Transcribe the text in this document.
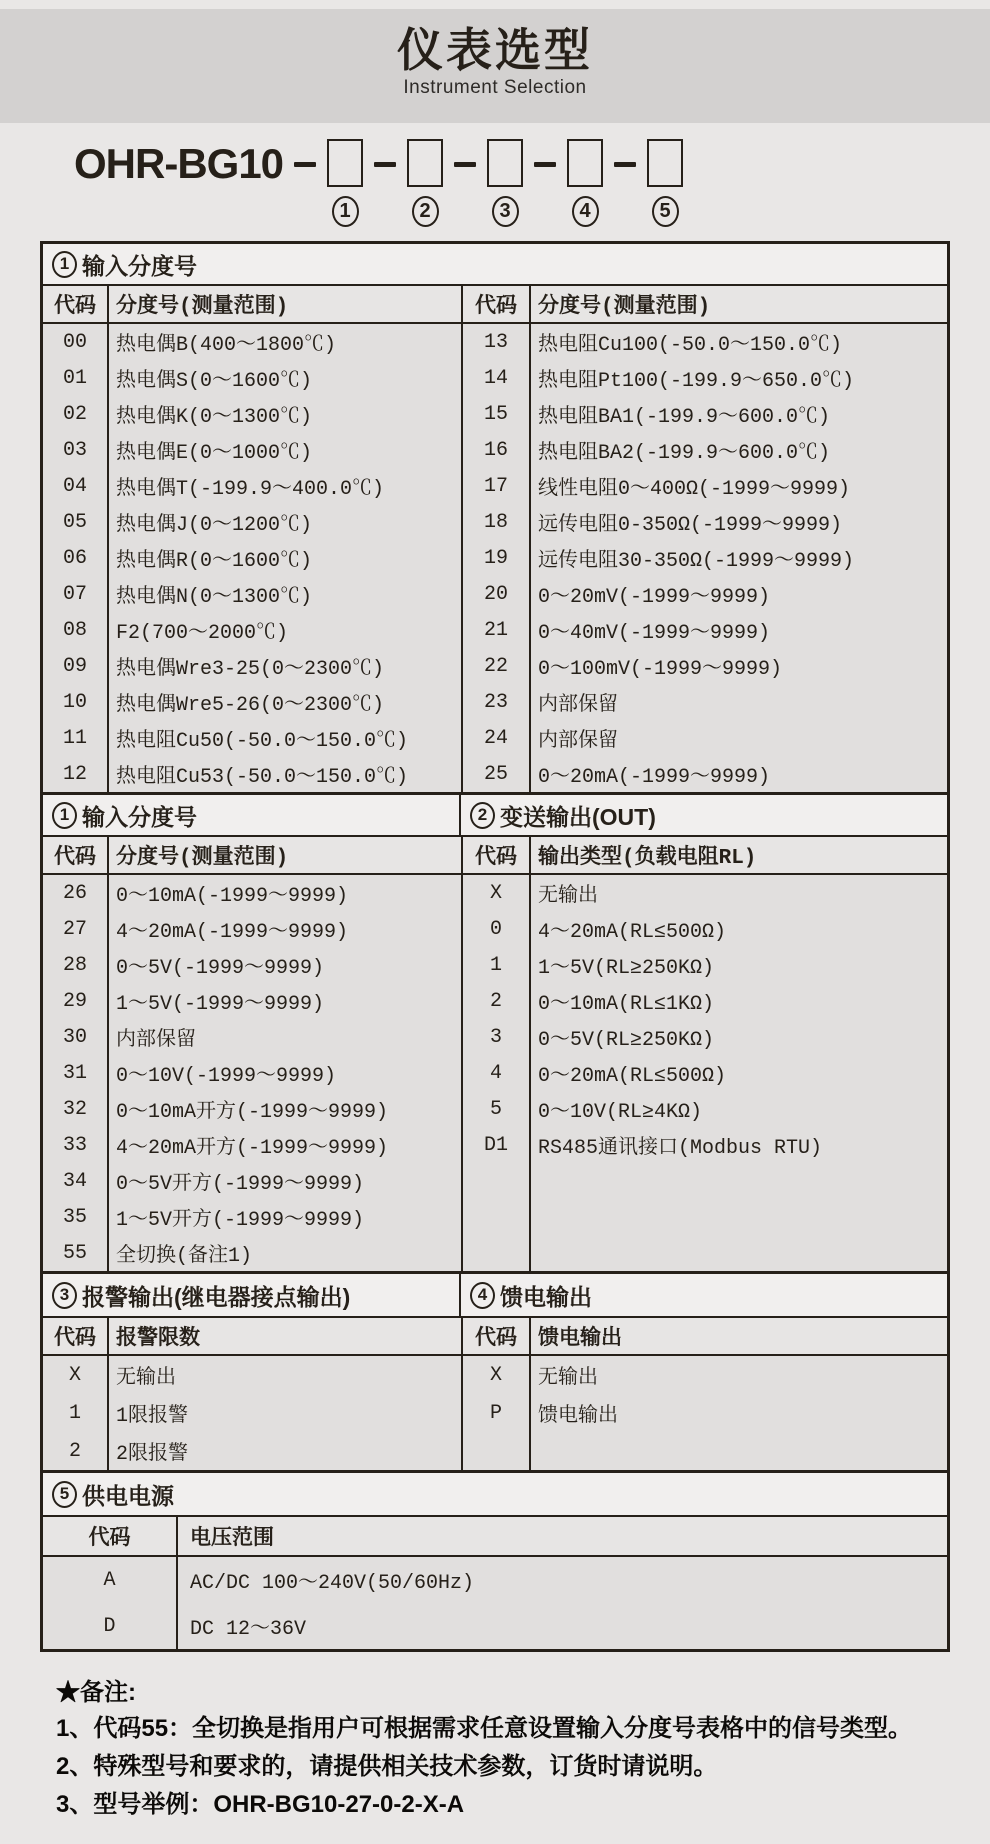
仪表选型
Instrument Selection
OHR-BG10
1	2	3	4	5
1 输入分度号
代码 分度号(测量范围)
00	热电偶B(400～1800℃)
01	热电偶S(0～1600℃)
02	热电偶K(0～1300℃)
03	热电偶E(0～1000℃)
04	热电偶T(-199.9～400.0℃)
05	热电偶J(0～1200℃)
06	热电偶R(0～1600℃)
07	热电偶N(0～1300℃)
08	F2(700～2000℃)
09	热电偶Wre3-25(0～2300℃)
10	热电偶Wre5-26(0～2300℃)
11	热电阻Cu50(-50.0～150.0℃)
12	热电阻Cu53(-50.0～150.0℃)
代码	分度号(测量范围)
13	热电阻Cu100(-50.0～150.0℃)
14	热电阻Pt100(-199.9～650.0℃)
15	热电阻BA1(-199.9～600.0℃)
16	热电阻BA2(-199.9～600.0℃)
17	线性电阻0～400Ω(-1999～9999)
18	远传电阻0-350Ω(-1999～9999)
19	远传电阻30-350Ω(-1999～9999)
20	0～20mV(-1999～9999)
21	0～40mV(-1999～9999)
22	0～100mV(-1999～9999)
23	内部保留
24	内部保留
25	0～20mA(-1999～9999)
1 输入分度号	2 变送输出(OUT)
代码 分度号(测量范围)
26	0～10mA(-1999～9999)
27	4～20mA(-1999～9999)
28	0～5V(-1999～9999)
29	1～5V(-1999～9999)
30	内部保留
31	0～10V(-1999～9999)
32	0～10mA开方(-1999～9999)
33	4～20mA开方(-1999～9999)
34	0～5V开方(-1999～9999)
35	1～5V开方(-1999～9999)
55	全切换(备注1)
代码	输出类型(负载电阻RL)
X	无输出
0	4～20mA(RL≤500Ω)
1	1～5V(RL≥250KΩ)
2	0～10mA(RL≤1KΩ)
3	0～5V(RL≥250KΩ)
4	0～20mA(RL≤500Ω)
5	0～10V(RL≥4KΩ)
D1	RS485通讯接口(Modbus RTU)
3 报警输出(继电器接点输出)	4 馈电输出
代码 报警限数
X	无输出
1	1限报警
2	2限报警
代码	馈电输出
X	无输出
P	馈电输出
5 供电电源
代码	电压范围
A	AC/DC 100～240V(50/60Hz)
D	DC 12～36V
★备注:
1、代码55：全切换是指用户可根据需求任意设置输入分度号表格中的信号类型。
2、特殊型号和要求的，请提供相关技术参数，订货时请说明。
3、型号举例：OHR-BG10-27-0-2-X-A
